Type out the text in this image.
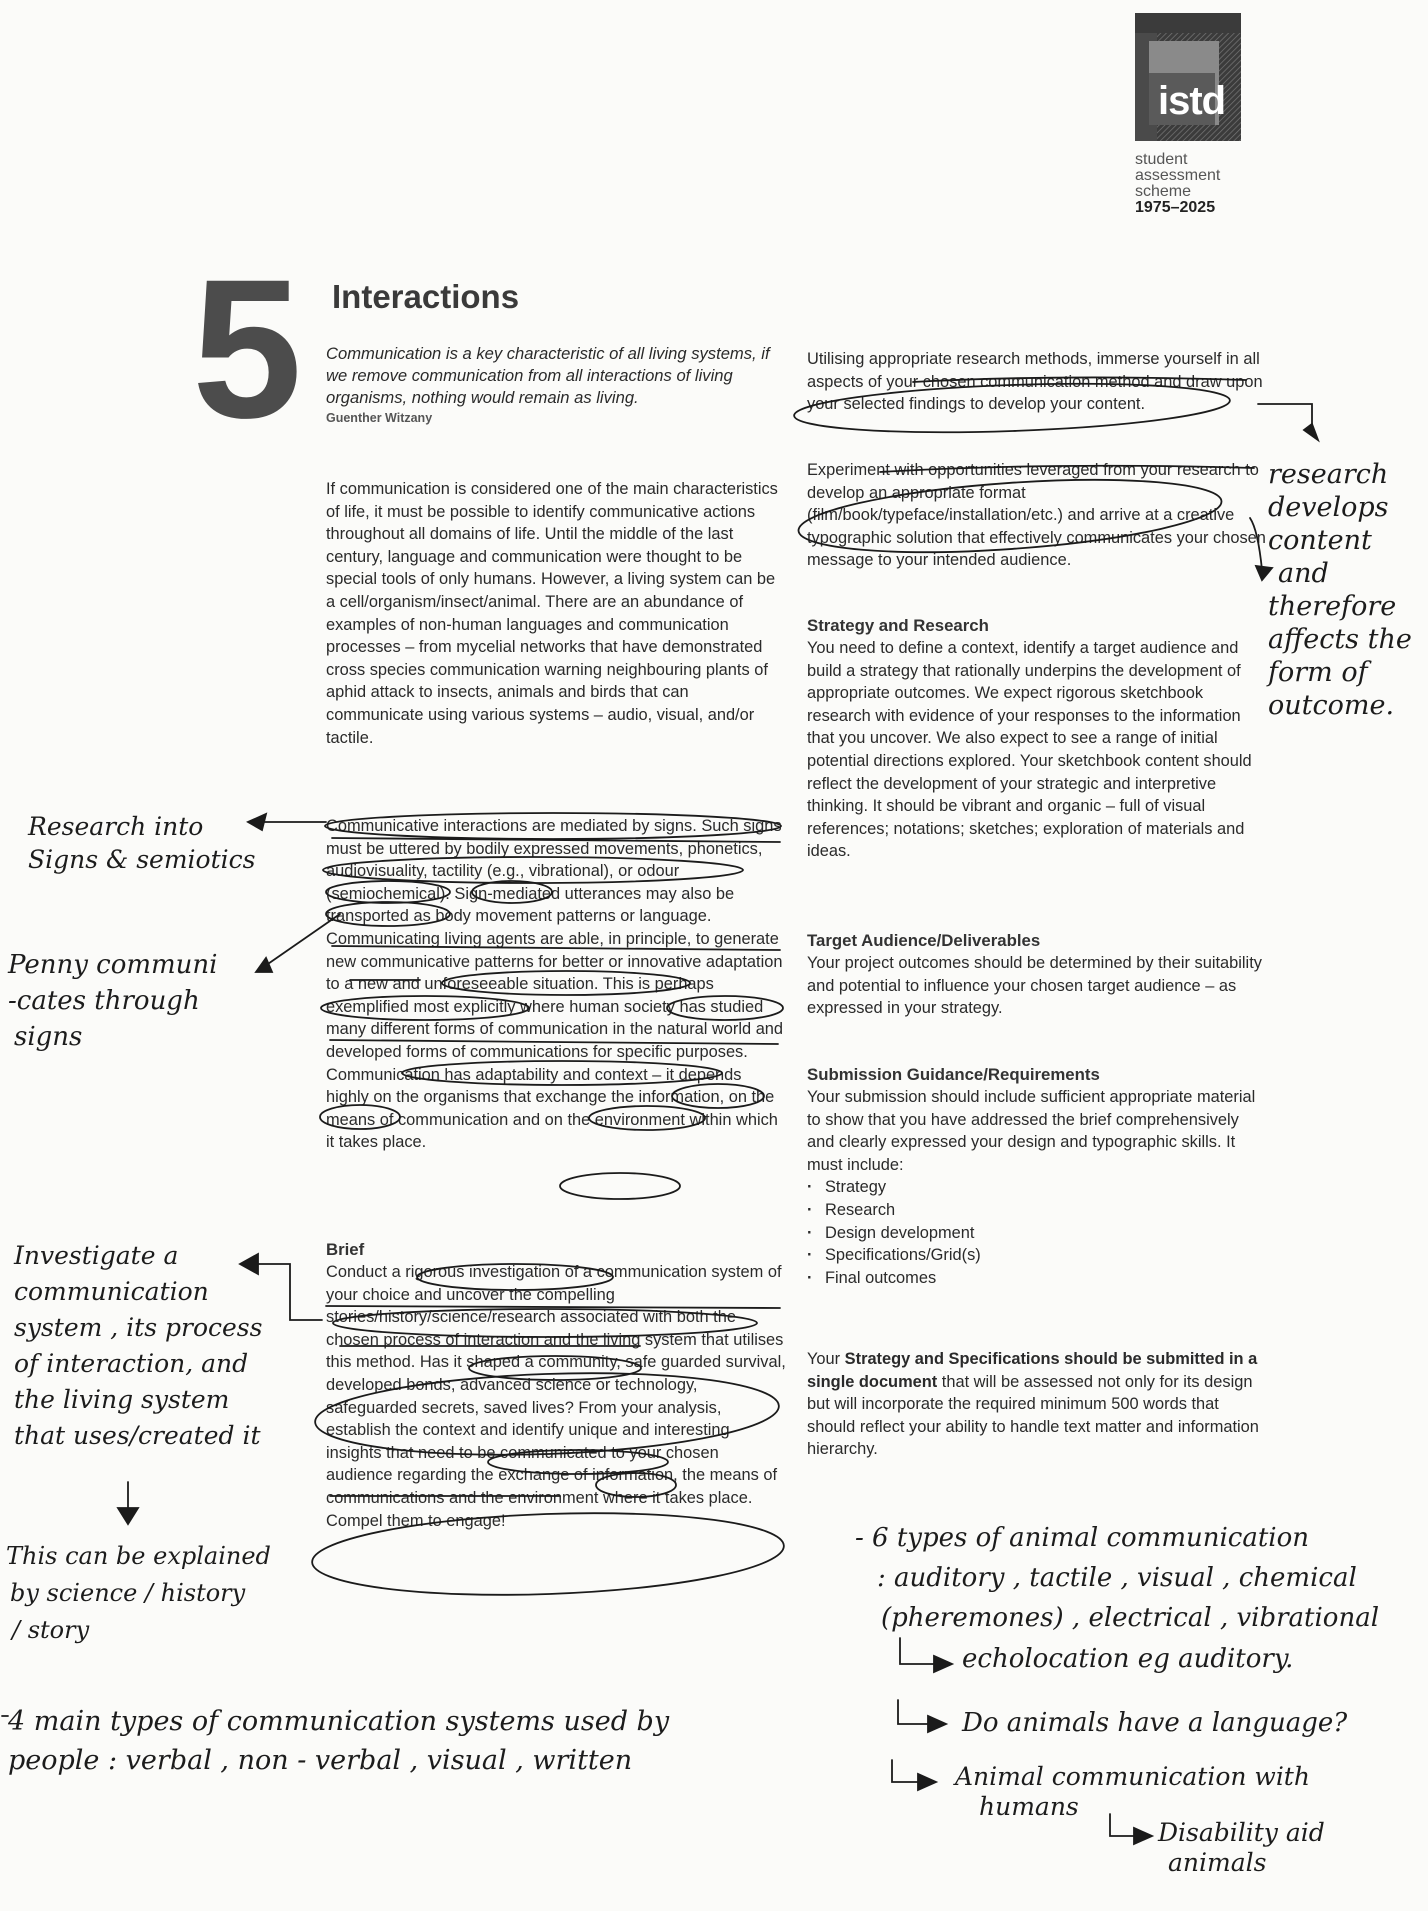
istd
student
assessment
scheme
1975–2025
5 Interactions

Communication is a key characteristic of all living systems, if we remove communication from all interactions of living organisms, nothing would remain as living.

Guenther Witzany

If communication is considered one of the main characteristics of life, it must be possible to identify communicative actions throughout all domains of life. Until the middle of the last century, language and communication were thought to be special tools of only humans. However, a living system can be a cell/organism/insect/animal. There are an abundance of examples of non-human languages and communication processes – from mycelial networks that have demonstrated cross species communication warning neighbouring plants of aphid attack to insects, animals and birds that can communicate using various systems – audio, visual, and/or tactile.

Communicative interactions are mediated by signs. Such signs must be uttered by bodily expressed movements, phonetics, audiovisuality, tactility (e.g., vibrational), or odour (semiochemical). Sign-mediated utterances may also be transported as body movement patterns or language. Communicating living agents are able, in principle, to generate new communicative patterns for better or innovative adaptation to a new and unforeseeable situation. This is perhaps exemplified most explicitly where human society has studied many different forms of communication in the natural world and developed forms of communications for specific purposes. Communication has adaptability and context – it depends highly on the organisms that exchange the information, on the means of communication and on the environment within which it takes place.

Brief

Conduct a rigorous investigation of a communication system of your choice and uncover the compelling stories/history/science/research associated with both the chosen process of interaction and the living system that utilises this method. Has it shaped a community, safe guarded survival, developed bonds, advanced science or technology, safeguarded secrets, saved lives? From your analysis, establish the context and identify unique and interesting insights that need to be communicated to your chosen audience regarding the exchange of information, the means of communications and the environment where it takes place. Compel them to engage!

Utilising appropriate research methods, immerse yourself in all aspects of your chosen communication method and draw upon your selected findings to develop your content.

Experiment with opportunities leveraged from your research to develop an appropriate format (film/book/typeface/installation/etc.) and arrive at a creative typographic solution that effectively communicates your chosen message to your intended audience.

Strategy and Research

You need to define a context, identify a target audience and build a strategy that rationally underpins the development of appropriate outcomes. We expect rigorous sketchbook research with evidence of your responses to the information that you uncover. We also expect to see a range of initial potential directions explored. Your sketchbook content should reflect the development of your strategic and interpretive thinking. It should be vibrant and organic – full of visual references; notations; sketches; exploration of materials and ideas.

Target Audience/Deliverables

Your project outcomes should be determined by their suitability and potential to influence your chosen target audience – as expressed in your strategy.

Submission Guidance/Requirements

Your submission should include sufficient appropriate material to show that you have addressed the brief comprehensively and clearly expressed your design and typographic skills. It must include:

· Strategy
· Research
· Design development
· Specifications/Grid(s)
· Final outcomes

Your Strategy and Specifications should be submitted in a single document that will be assessed not only for its design but will incorporate the required minimum 500 words that should reflect your ability to handle text matter and information hierarchy.

research
develops
content
and
therefore
affects the
form of
outcome.
Research into
Signs & semiotics
Penny communi
-cates through
signs
Investigate a
communication
system , its process
of interaction, and
the living system
that uses/created it
This can be explained
by science / history
/ story
4 main types of communication systems used by
people : verbal , non - verbal , visual , written
- 6 types of animal communication
: auditory , tactile , visual , chemical
(pheremones) , electrical , vibrational
echolocation eg auditory.
Do animals have a language?
Animal communication with
humans
Disability aid
animals
